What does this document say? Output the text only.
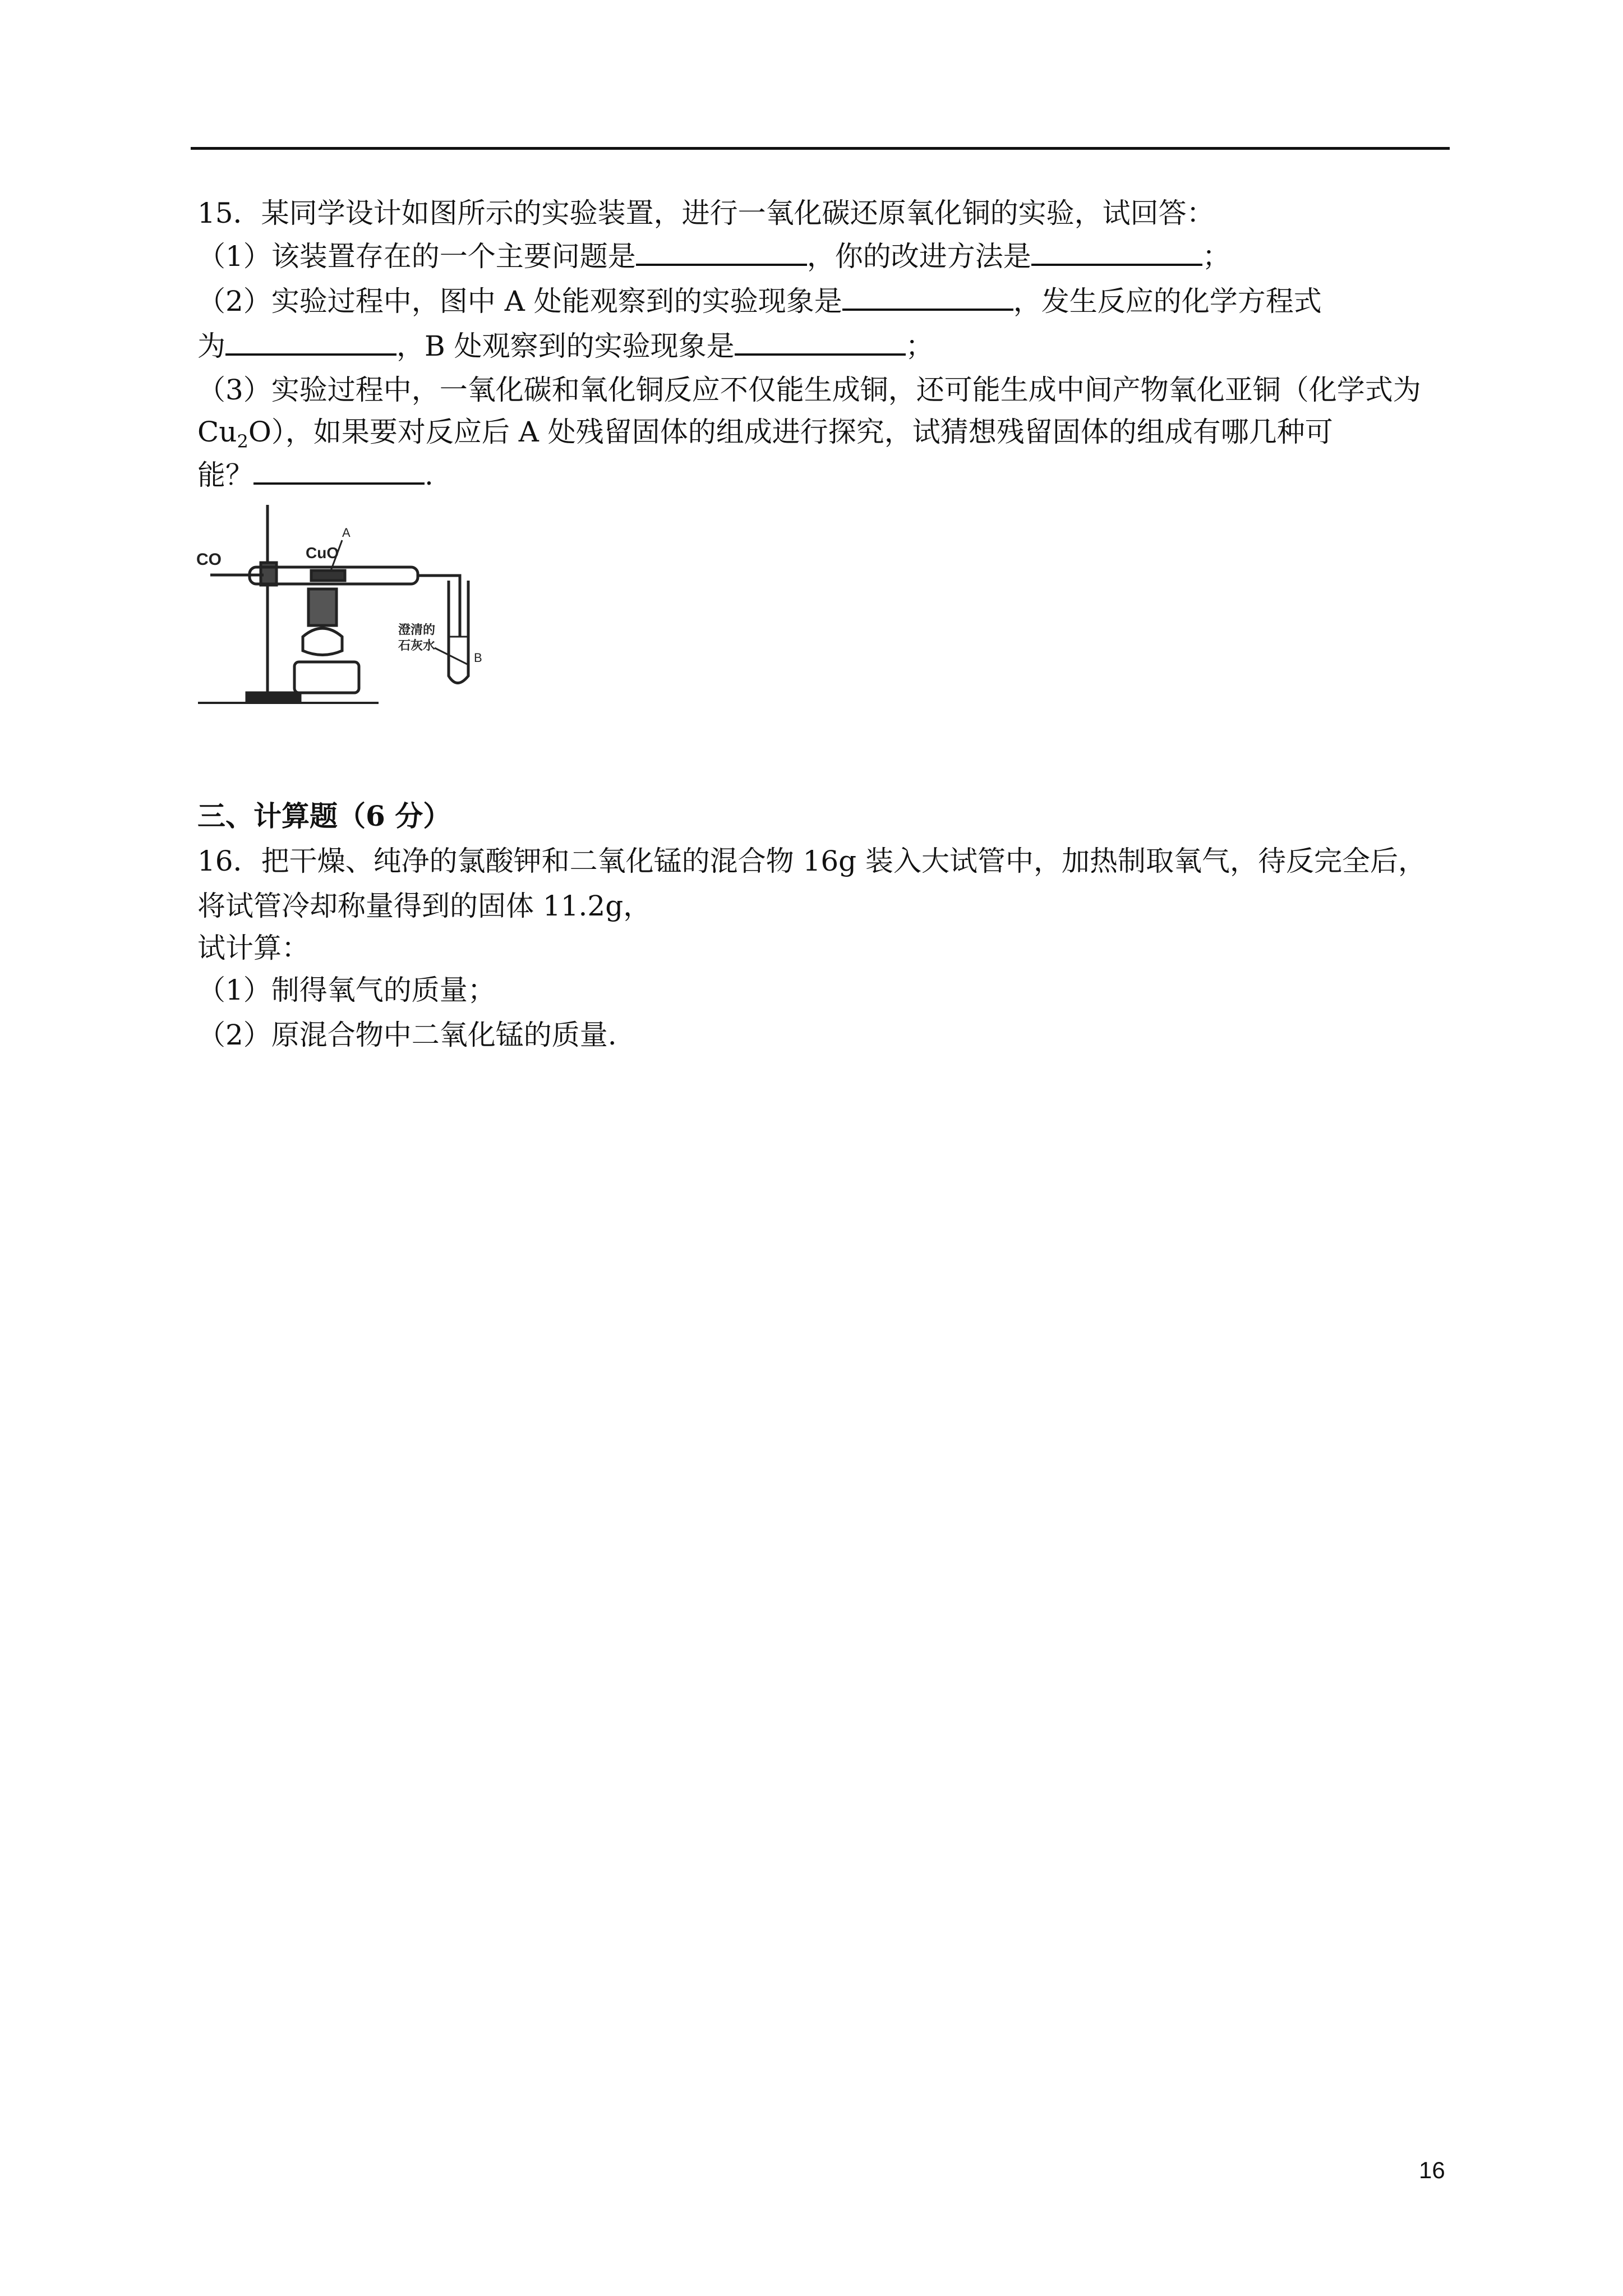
15．某同学设计如图所示的实验装置，进行一氧化碳还原氧化铜的实验，试回答：
（1）该装置存在的一个主要问题是	，你的改进方法是	；
（2）实验过程中，图中 A 处能观察到的实验现象是	，发生反应的化学方程式
为	，B 处观察到的实验现象是	；
（3）实验过程中，一氧化碳和氧化铜反应不仅能生成铜，还可能生成中间产物氧化亚铜（化学式为
$Cu_2O$），如果要对反应后 A 处残留固体的组成进行探究，试猜想残留固体的组成有哪几种可
能？	.
CO	CuO
A
B
澄清的
石灰水
三、计算题（6 分）
16．把干燥、纯净的氯酸钾和二氧化锰的混合物 16g 装入大试管中，加热制取氧气，待反完全后，
将试管冷却称量得到的固体 11.2g，
试计算：
（1）制得氧气的质量；
（2）原混合物中二氧化锰的质量.
16
